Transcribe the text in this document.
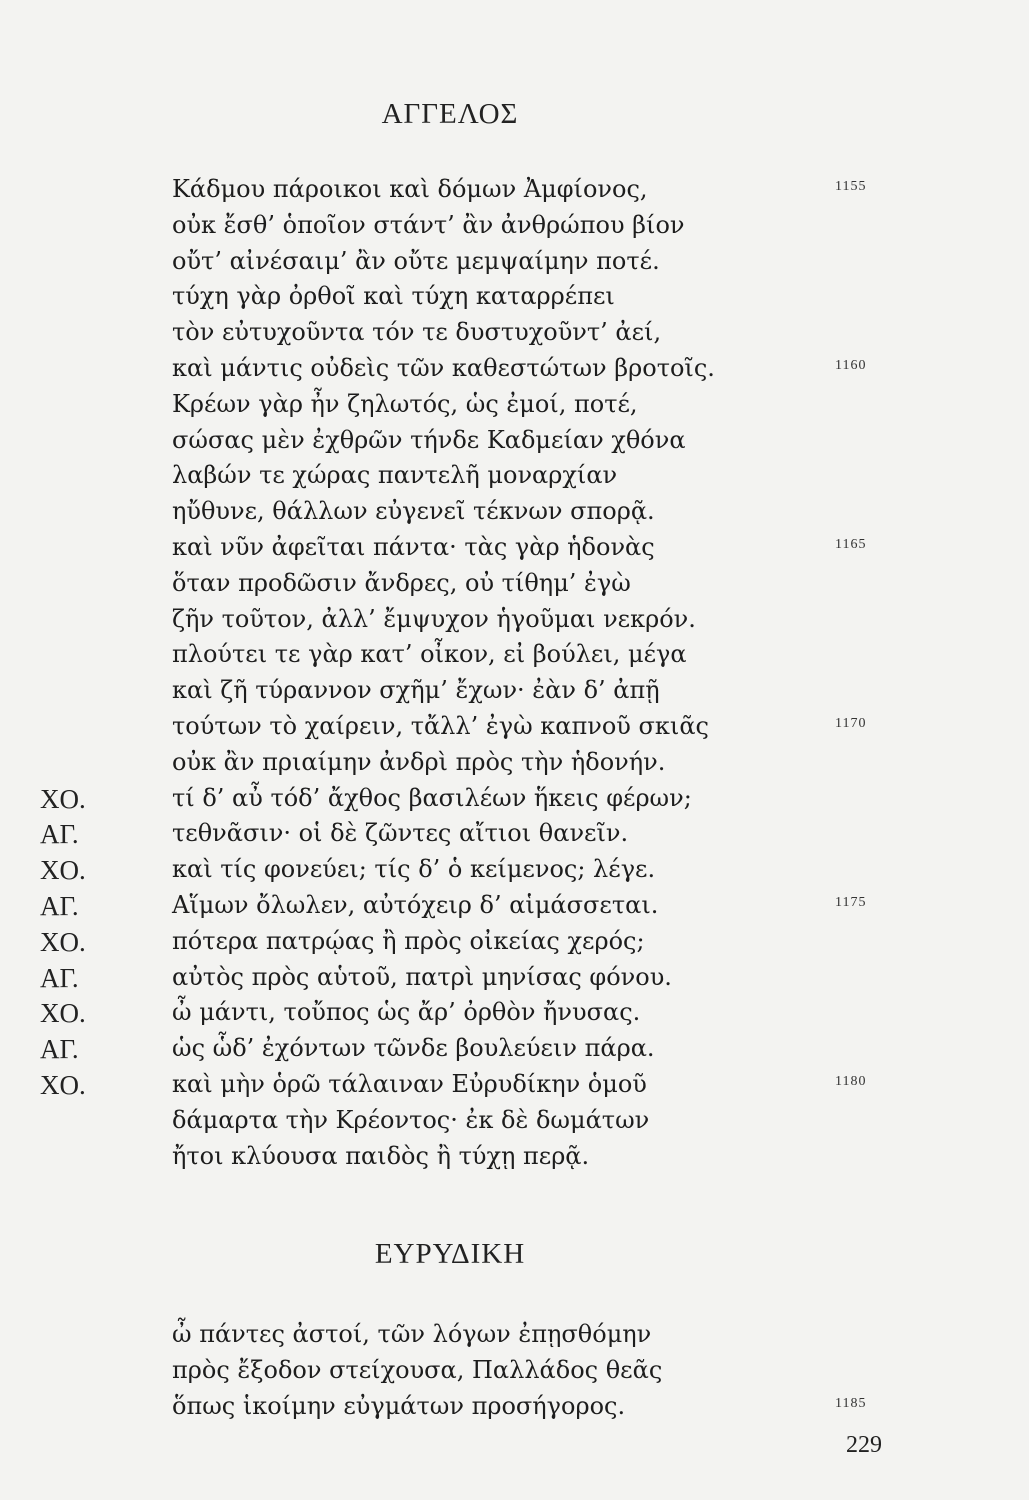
ΑΓΓΕΛΟΣ
Κάδμου πάροικοι καὶ δόμων Ἀμφίονος,	1155
οὐκ ἔσθ’ ὁποῖον στάντ’ ἂν ἀνθρώπου βίον
οὔτ’ αἰνέσαιμ’ ἂν οὔτε μεμψαίμην ποτέ.
τύχη γὰρ ὀρθοῖ καὶ τύχη καταρρέπει
τὸν εὐτυχοῦντα τόν τε δυστυχοῦντ’ ἀεί,
καὶ μάντις οὐδεὶς τῶν καθεστώτων βροτοῖς.	1160
Κρέων γὰρ ἦν ζηλωτός, ὡς ἐμοί, ποτέ,
σώσας μὲν ἐχθρῶν τήνδε Καδμείαν χθόνα
λαβών τε χώρας παντελῆ μοναρχίαν
ηὔθυνε, θάλλων εὐγενεῖ τέκνων σπορᾷ.
καὶ νῦν ἀφεῖται πάντα· τὰς γὰρ ἡδονὰς	1165
ὅταν προδῶσιν ἄνδρες, οὐ τίθημ’ ἐγὼ
ζῆν τοῦτον, ἀλλ’ ἔμψυχον ἡγοῦμαι νεκρόν.
πλούτει τε γὰρ κατ’ οἶκον, εἰ βούλει, μέγα
καὶ ζῆ τύραννον σχῆμ’ ἔχων· ἐὰν δ’ ἀπῇ
τούτων τὸ χαίρειν, τἄλλ’ ἐγὼ καπνοῦ σκιᾶς	1170
οὐκ ἂν πριαίμην ἀνδρὶ πρὸς τὴν ἡδονήν.
ΧΟ.	τί δ’ αὖ τόδ’ ἄχθος βασιλέων ἥκεις φέρων;
ΑΓ.	τεθνᾶσιν· οἱ δὲ ζῶντες αἴτιοι θανεῖν.
ΧΟ.	καὶ τίς φονεύει; τίς δ’ ὁ κείμενος; λέγε.
ΑΓ.	Αἵμων ὄλωλεν, αὐτόχειρ δ’ αἱμάσσεται.	1175
ΧΟ.	πότερα πατρῴας ἢ πρὸς οἰκείας χερός;
ΑΓ.	αὐτὸς πρὸς αὑτοῦ, πατρὶ μηνίσας φόνου.
ΧΟ.	ὦ μάντι, τοὔπος ὡς ἄρ’ ὀρθὸν ἤνυσας.
ΑΓ.	ὡς ὧδ’ ἐχόντων τῶνδε βουλεύειν πάρα.
ΧΟ.	καὶ μὴν ὁρῶ τάλαιναν Εὐρυδίκην ὁμοῦ	1180
δάμαρτα τὴν Κρέοντος· ἐκ δὲ δωμάτων
ἤτοι κλύουσα παιδὸς ἢ τύχῃ περᾷ.
ΕΥΡΥΔΙΚΗ
ὦ πάντες ἀστοί, τῶν λόγων ἐπῃσθόμην
πρὸς ἔξοδον στείχουσα, Παλλάδος θεᾶς
ὅπως ἱκοίμην εὐγμάτων προσήγορος.	1185
229
